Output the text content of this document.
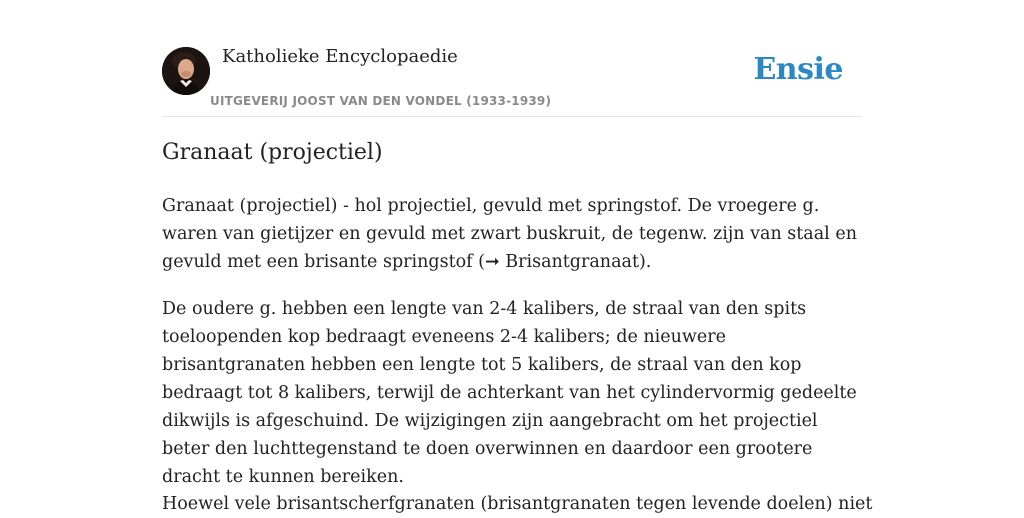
Katholieke Encyclopaedie
UITGEVERIJ JOOST VAN DEN VONDEL (1933-1939)
Ensie
Granaat (projectiel)

Granaat (projectiel) - hol projectiel, gevuld met springstof. De vroegere g. waren van gietijzer en gevuld met zwart buskruit, de tegenw. zijn van staal en gevuld met een brisante springstof (➞ Brisantgranaat).

De oudere g. hebben een lengte van 2-4 kalibers, de straal van den spits toeloopenden kop bedraagt eveneens 2-4 kalibers; de nieuwere brisantgranaten hebben een lengte tot 5 kalibers, de straal van den kop bedraagt tot 8 kalibers, terwijl de achterkant van het cylindervormig gedeelte dikwijls is afgeschuind. De wijzigingen zijn aangebracht om het projectiel beter den luchttegenstand te doen overwinnen en daardoor een grootere dracht te kunnen bereiken.

Hoewel vele brisantscherfgranaten (brisantgranaten tegen levende doelen) niet
